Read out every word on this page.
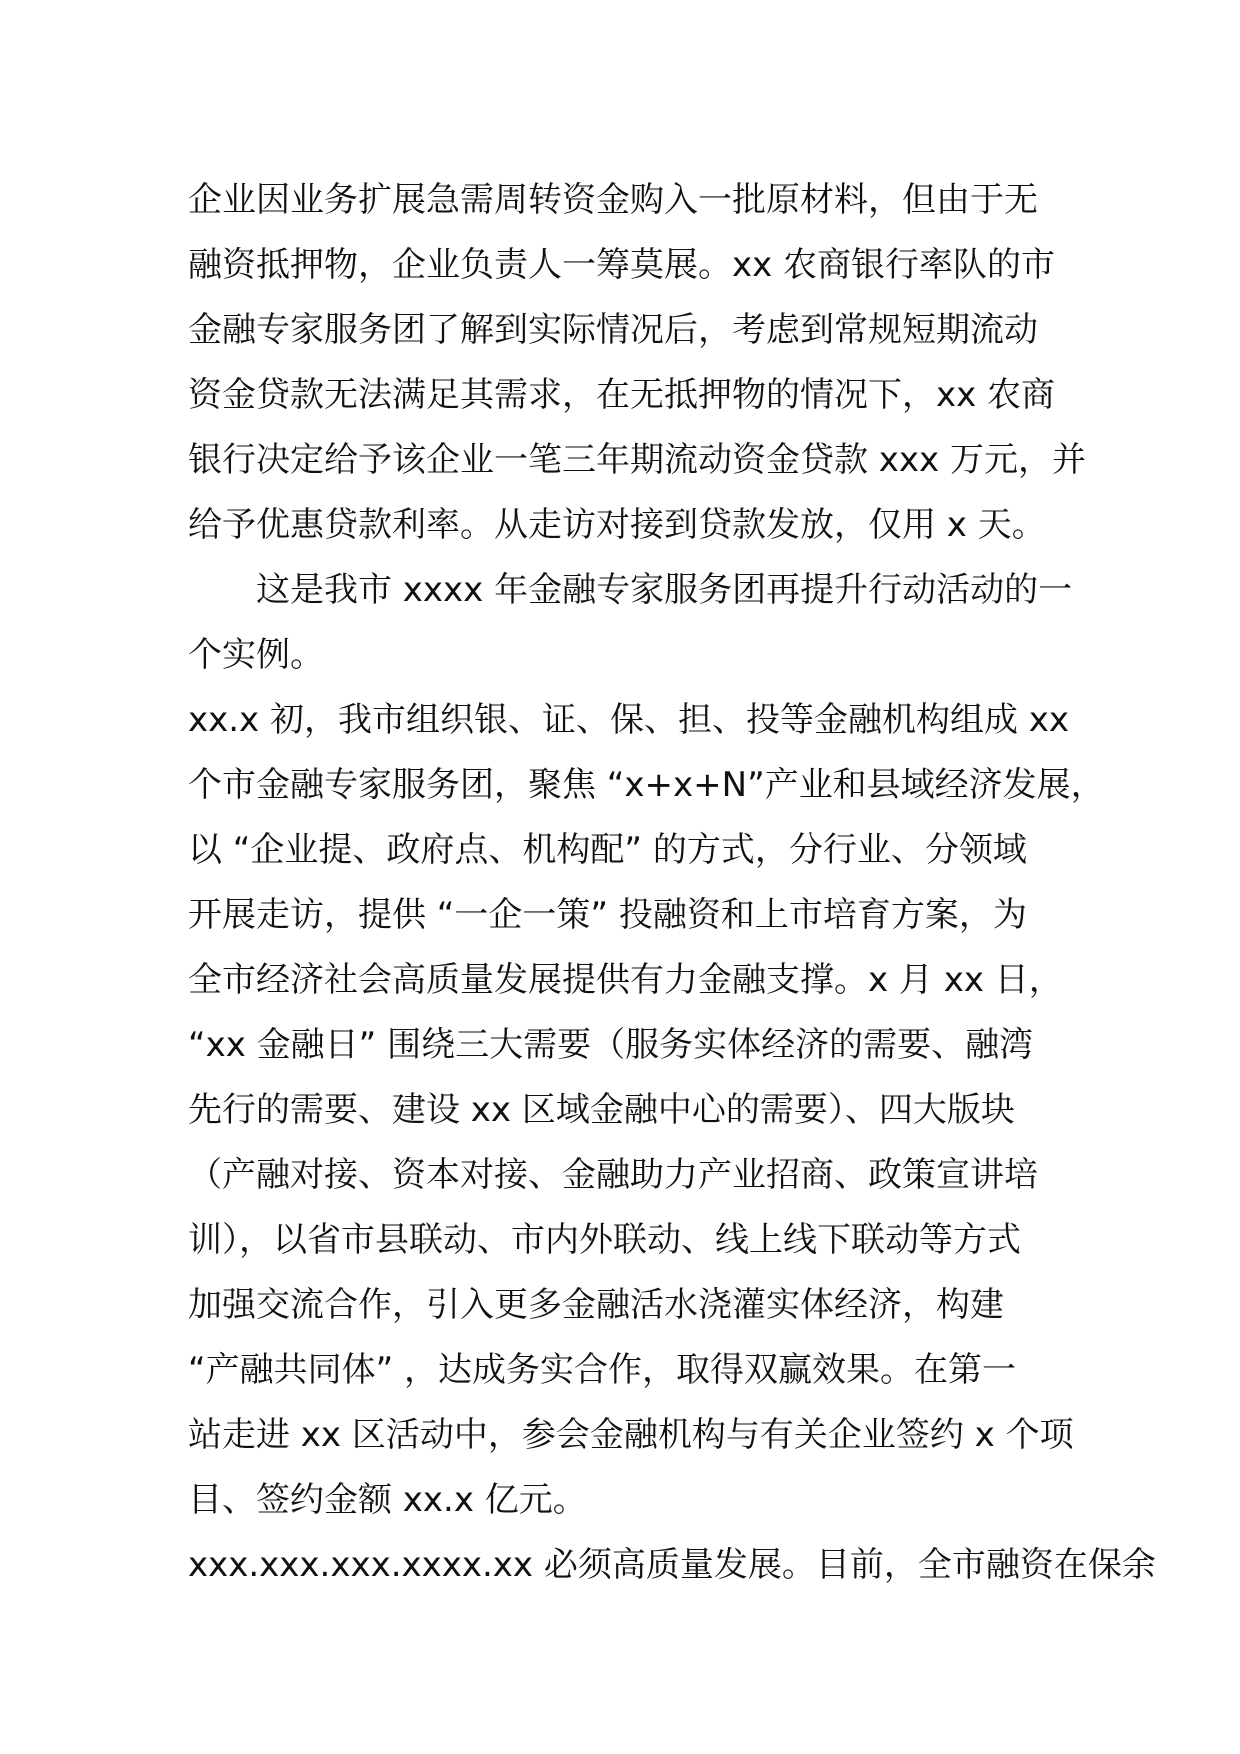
企业因业务扩展急需周转资金购入一批原材料，但由于无
融资抵押物，企业负责人一筹莫展。xx 农商银行率队的市
金融专家服务团了解到实际情况后，考虑到常规短期流动
资金贷款无法满足其需求，在无抵押物的情况下，xx 农商
银行决定给予该企业一笔三年期流动资金贷款 xxx 万元，并
给予优惠贷款利率。从走访对接到贷款发放，仅用 x 天。
这是我市 xxxx 年金融专家服务团再提升行动活动的一
个实例。
xx.x 初，我市组织银、证、保、担、投等金融机构组成 xx
个市金融专家服务团，聚焦 “x+x+N”产业和县域经济发展，
以 “企业提、政府点、机构配” 的方式，分行业、分领域
开展走访，提供 “一企一策” 投融资和上市培育方案，为
全市经济社会高质量发展提供有力金融支撑。x 月 xx 日，
“xx 金融日” 围绕三大需要（服务实体经济的需要、融湾
先行的需要、建设 xx 区域金融中心的需要）、四大版块
（产融对接、资本对接、金融助力产业招商、政策宣讲培
训），以省市县联动、市内外联动、线上线下联动等方式
加强交流合作，引入更多金融活水浇灌实体经济，构建
“产融共同体” ，达成务实合作，取得双赢效果。在第一
站走进 xx 区活动中，参会金融机构与有关企业签约 x 个项
目、签约金额 xx.x 亿元。
xxx.xxx.xxx.xxxx.xx 必须高质量发展。目前，全市融资在保余
